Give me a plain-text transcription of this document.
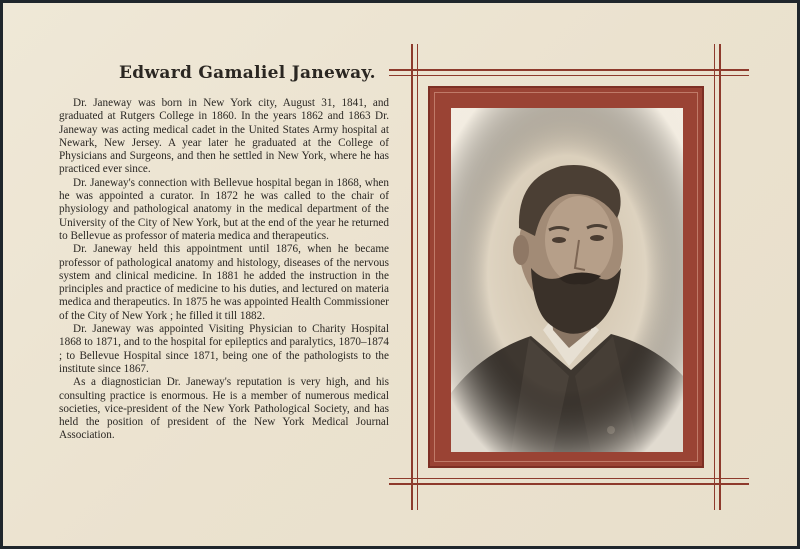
Edward Gamaliel Janeway.

Dr. Janeway was born in New York city, August 31, 1841, and graduated at Rutgers College in 1860. In the years 1862 and 1863 Dr. Janeway was acting medical cadet in the United States Army hospital at Newark, New Jersey. A year later he graduated at the College of Physicians and Surgeons, and then he settled in New York, where he has practiced ever since.

Dr. Janeway's connection with Bellevue hospital began in 1868, when he was appointed a curator. In 1872 he was called to the chair of physiology and pathological anatomy in the medical department of the University of the City of New York, but at the end of the year he returned to Bellevue as professor of materia medica and therapeutics.

Dr. Janeway held this appointment until 1876, when he became professor of pathological anatomy and histology, diseases of the nervous system and clinical medicine. In 1881 he added the instruction in the principles and practice of medicine to his duties, and lectured on materia medica and therapeutics. In 1875 he was appointed Health Commissioner of the City of New York ; he filled it till 1882.

Dr. Janeway was appointed Visiting Physician to Charity Hospital 1868 to 1871, and to the hospital for epileptics and paralytics, 1870–1874 ; to Bellevue Hospital since 1871, being one of the pathologists to the institute since 1867.

As a diagnostician Dr. Janeway's reputation is very high, and his consulting practice is enormous. He is a member of numerous medical societies, vice-president of the New York Pathological Society, and has held the position of president of the New York Medical Journal Association.
